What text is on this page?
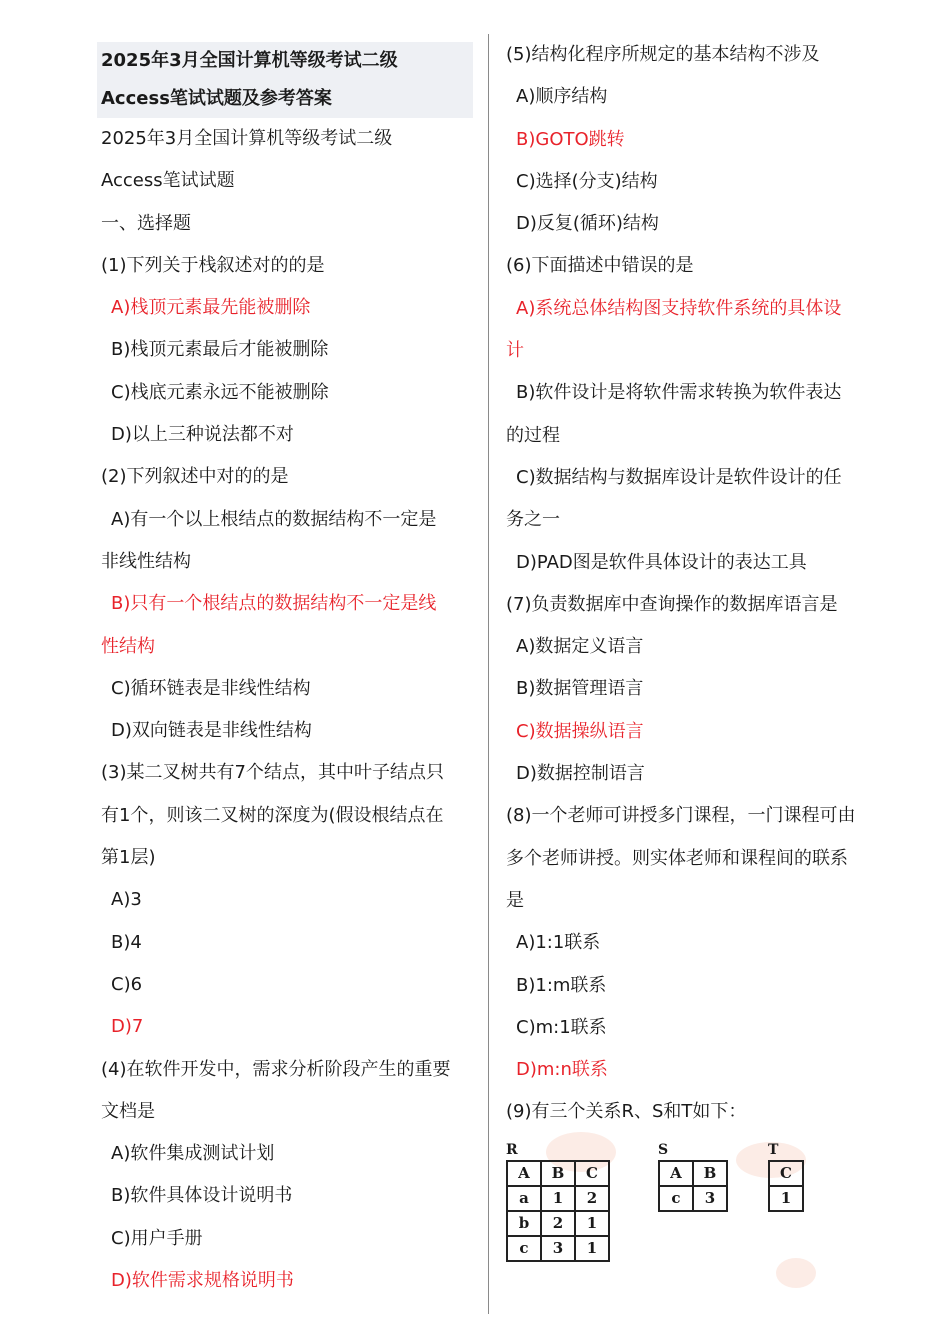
2025年3月全国计算机等级考试二级
Access笔试试题及参考答案
2025年3月全国计算机等级考试二级
Access笔试试题
一、选择题
(1)下列关于栈叙述对的的是
A)栈顶元素最先能被删除
B)栈顶元素最后才能被删除
C)栈底元素永远不能被删除
D)以上三种说法都不对
(2)下列叙述中对的的是
A)有一个以上根结点的数据结构不一定是
非线性结构
B)只有一个根结点的数据结构不一定是线
性结构
C)循环链表是非线性结构
D)双向链表是非线性结构
(3)某二叉树共有7个结点，其中叶子结点只
有1个，则该二叉树的深度为(假设根结点在
第1层)
A)3
B)4
C)6
D)7
(4)在软件开发中，需求分析阶段产生的重要
文档是
A)软件集成测试计划
B)软件具体设计说明书
C)用户手册
D)软件需求规格说明书
(5)结构化程序所规定的基本结构不涉及
A)顺序结构
B)GOTO跳转
C)选择(分支)结构
D)反复(循环)结构
(6)下面描述中错误的是
A)系统总体结构图支持软件系统的具体设
计
B)软件设计是将软件需求转换为软件表达
的过程
C)数据结构与数据库设计是软件设计的任
务之一
D)PAD图是软件具体设计的表达工具
(7)负责数据库中查询操作的数据库语言是
A)数据定义语言
B)数据管理语言
C)数据操纵语言
D)数据控制语言
(8)一个老师可讲授多门课程，一门课程可由
多个老师讲授。则实体老师和课程间的联系
是
A)1:1联系
B)1:m联系
C)m:1联系
D)m:n联系
(9)有三个关系R、S和T如下：
R
A	B	C
a	1	2
b	2	1
c	3	1
S
A	B
c	3
T
C
1
